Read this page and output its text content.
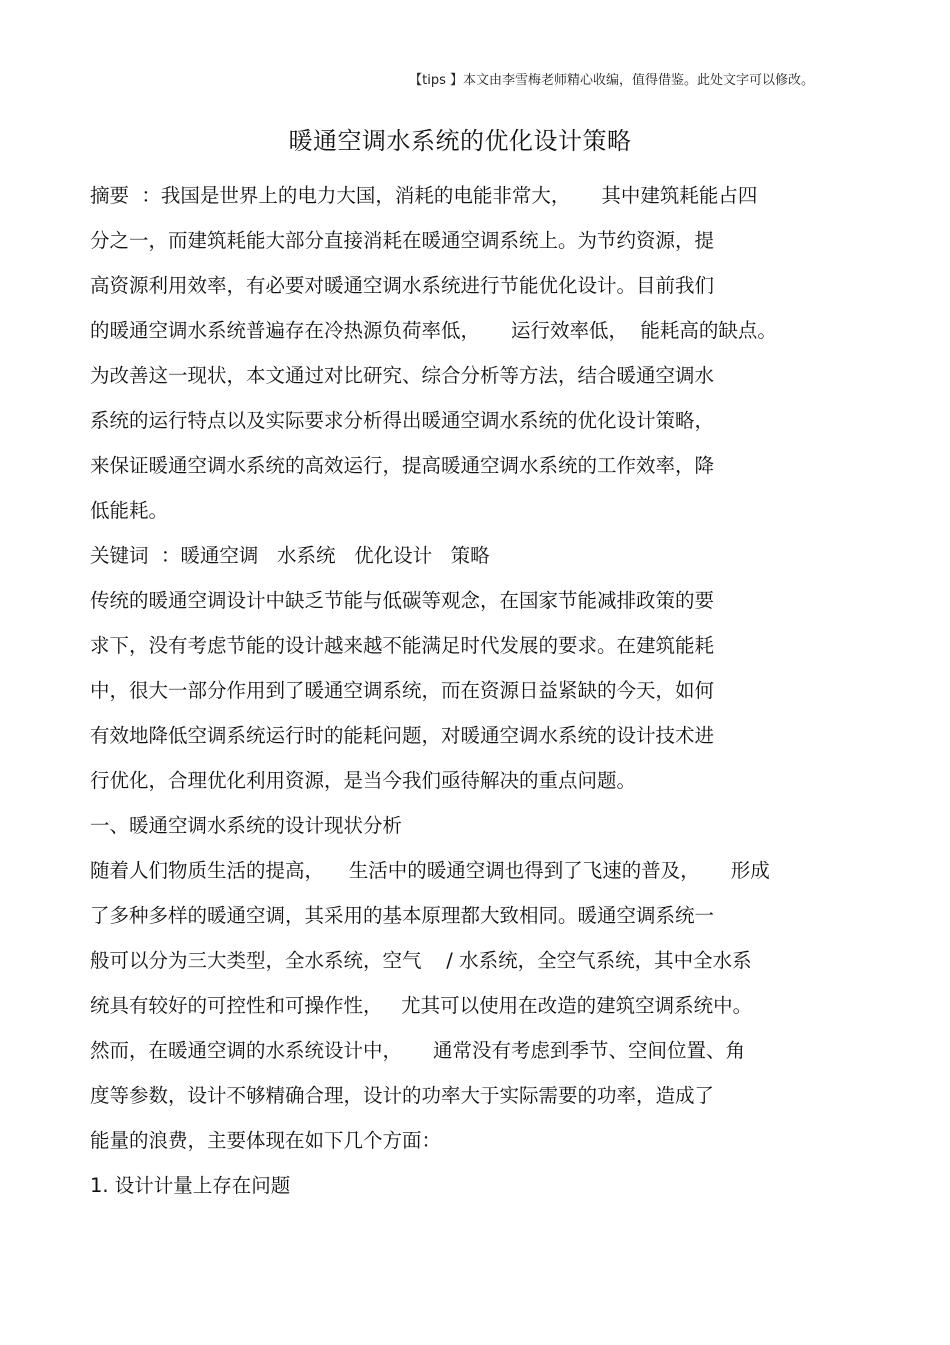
【tips 】本文由李雪梅老师精心收编，值得借鉴。此处文字可以修改。
暖通空调水系统的优化设计策略
摘要  ：我国是世界上的电力大国，消耗的电能非常大，     其中建筑耗能占四
分之一，而建筑耗能大部分直接消耗在暖通空调系统上。为节约资源，提
高资源利用效率，有必要对暖通空调水系统进行节能优化设计。目前我们
的暖通空调水系统普遍存在冷热源负荷率低，     运行效率低，  能耗高的缺点。
为改善这一现状，本文通过对比研究、综合分析等方法，结合暖通空调水
系统的运行特点以及实际要求分析得出暖通空调水系统的优化设计策略，
来保证暖通空调水系统的高效运行，提高暖通空调水系统的工作效率，降
低能耗。
关键词  ：暖通空调   水系统   优化设计   策略
传统的暖通空调设计中缺乏节能与低碳等观念，在国家节能减排政策的要
求下，没有考虑节能的设计越来越不能满足时代发展的要求。在建筑能耗
中，很大一部分作用到了暖通空调系统，而在资源日益紧缺的今天，如何
有效地降低空调系统运行时的能耗问题，对暖通空调水系统的设计技术进
行优化，合理优化利用资源，是当今我们亟待解决的重点问题。
一、暖通空调水系统的设计现状分析
随着人们物质生活的提高，    生活中的暖通空调也得到了飞速的普及，     形成
了多种多样的暖通空调，其采用的基本原理都大致相同。暖通空调系统一
般可以分为三大类型，全水系统，空气    / 水系统，全空气系统，其中全水系
统具有较好的可控性和可操作性，   尤其可以使用在改造的建筑空调系统中。
然而，在暖通空调的水系统设计中，     通常没有考虑到季节、空间位置、角
度等参数，设计不够精确合理，设计的功率大于实际需要的功率，造成了
能量的浪费，主要体现在如下几个方面：
1. 设计计量上存在问题
